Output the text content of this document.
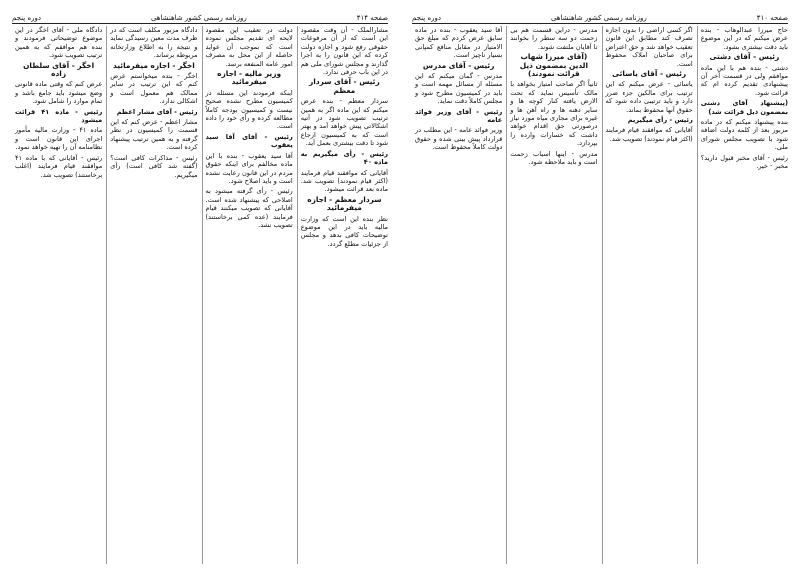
صفحه ۴۱۴
روزنامه رسمی کشور شاهنشاهی
دوره پنجم

مشارالملک - آن وقت مقصود این است که از آن مرفوعات حقوقی رفع شود و اجازه دولت کرده که این قانون را به اجرا گذارند و مجلس شورای ملی هم در این باب حرفی ندارد.

رئیس - آقای سردار معظم

سردار معظم - بنده عرض میکنم که این ماده اگر به همین ترتیب تصویب شود در آتیه اشکالاتی پیش خواهد آمد و بهتر است که به کمیسیون ارجاع شود تا دقت بیشتری بعمل آید.

رئیس - رأی میگیریم به ماده ۴۰

آقایانی که موافقند قیام فرمایند (اکثر قیام نمودند) تصویب شد. ماده بعد قرائت میشود.

سردار معظم - اجازه میفرمائید

نظر بنده این است که وزارت مالیه باید در این موضوع توضیحات کافی بدهد و مجلس از جزئیات مطلع گردد.

دولت در تعقیب این مقصود لایحه ای تقدیم مجلس نموده است که بموجب آن عواید حاصله از این محل به مصرف امور عامه المنفعه برسد.

وزیر مالیه - اجازه میفرمائید

اینکه فرمودند این مسئله در کمیسیون مطرح نشده صحیح نیست و کمیسیون بودجه کاملاً مطالعه کرده و رأی خود را داده است.

رئیس - آقای آقا سید یعقوب

آقا سید یعقوب - بنده با این ماده مخالفم برای اینکه حقوق مردم در این قانون رعایت نشده است و باید اصلاح شود.

رئیس - رأی گرفته میشود به اصلاحی که پیشنهاد شده است. آقایانی که تصویب میکنند قیام فرمایند (عده کمی برخاستند) تصویب نشد.

دادگاه مزبور مکلف است که در ظرف مدت معین رسیدگی نماید و نتیجه را به اطلاع وزارتخانه مربوطه برساند.

اخگر - اجازه میفرمائید

اخگر - بنده میخواستم عرض کنم که این ترتیب در سایر ممالک هم معمول است و اشکالی ندارد.

رئیس - آقای مشار اعظم

مشار اعظم - عرض کنم که این قسمت را کمیسیون در نظر گرفته و به همین ترتیب پیشنهاد کرده است.

رئیس - مذاکرات کافی است؟ (گفته شد کافی است) رأی میگیریم.

دادگاه ملی - آقای اخگر در این موضوع توضیحاتی فرمودند و بنده هم موافقم که به همین ترتیب تصویب شود.

اخگر - آقای سلطان زاده

عرض کنم که وقتی ماده قانونی وضع میشود باید جامع باشد و تمام موارد را شامل شود.

رئیس - ماده ۴۱ قرائت میشود

ماده ۴۱ - وزارت مالیه مأمور اجرای این قانون است و نظامنامه آن را تهیه خواهد نمود.

رئیس - آقایانی که با ماده ۴۱ موافقند قیام فرمایند (اغلب برخاستند) تصویب شد.

صفحه ۴۱۰
روزنامه رسمی کشور شاهنشاهی
دوره پنجم

حاج میرزا عبدالوهاب - بنده عرض میکنم که در این موضوع باید دقت بیشتری بشود.

رئیس - آقای دشتی

دشتی - بنده هم با این ماده موافقم ولی در قسمت آخر آن پیشنهادی تقدیم کرده ام که قرائت شود.

(پیشنهاد آقای دشتی بمضمون ذیل قرائت شد)

بنده پیشنهاد میکنم که در ماده مزبور بعد از کلمه دولت اضافه شود با تصویب مجلس شورای ملی.

رئیس - آقای مخبر قبول دارید؟ مخبر - خیر.

اگر کسی اراضی را بدون اجازه تصرف کند مطابق این قانون تعقیب خواهد شد و حق اعتراض برای صاحبان املاک محفوظ است.

رئیس - آقای یاسائی

یاسائی - عرض میکنم که این ترتیب برای مالکین جزء ضرر دارد و باید ترتیبی داده شود که حقوق آنها محفوظ بماند.

رئیس - رأی میگیریم

آقایانی که موافقند قیام فرمایند (اکثر قیام نمودند) تصویب شد.

مدرس - دراین قسمت هم بی زحمت دو سه سطر را بخوانند تا آقایان ملتفت شوند.

(آقای میرزا شهاب الدین بمضمون ذیل قرائت نمودند)

ثانیاً اگر صاحب امتیاز بخواهد با مالک تأسیس نماید که تحت الارض یافته کنار کوچه ها و سایر دهنه ها و راه آهن ها و غیره برای مجاری میاه مورد نیاز درصورتی حق اقدام خواهد داشت که خسارات وارده را بپردازد.

مدرس - اینها اسباب زحمت است و باید ملاحظه شود.

آقا سید یعقوب - بنده در ماده سابق عرض کردم که مبلغ حق الامتیاز در مقابل منافع کمپانی بسیار ناچیز است.

رئیس - آقای مدرس

مدرس - گمان میکنم که این مسئله از مسائل مهمه است و باید در کمیسیون مطرح شود و مجلس کاملاً دقت نماید.

رئیس - آقای وزیر فوائد عامه

وزیر فوائد عامه - این مطلب در قرارداد پیش بینی شده و حقوق دولت کاملاً محفوظ است.
